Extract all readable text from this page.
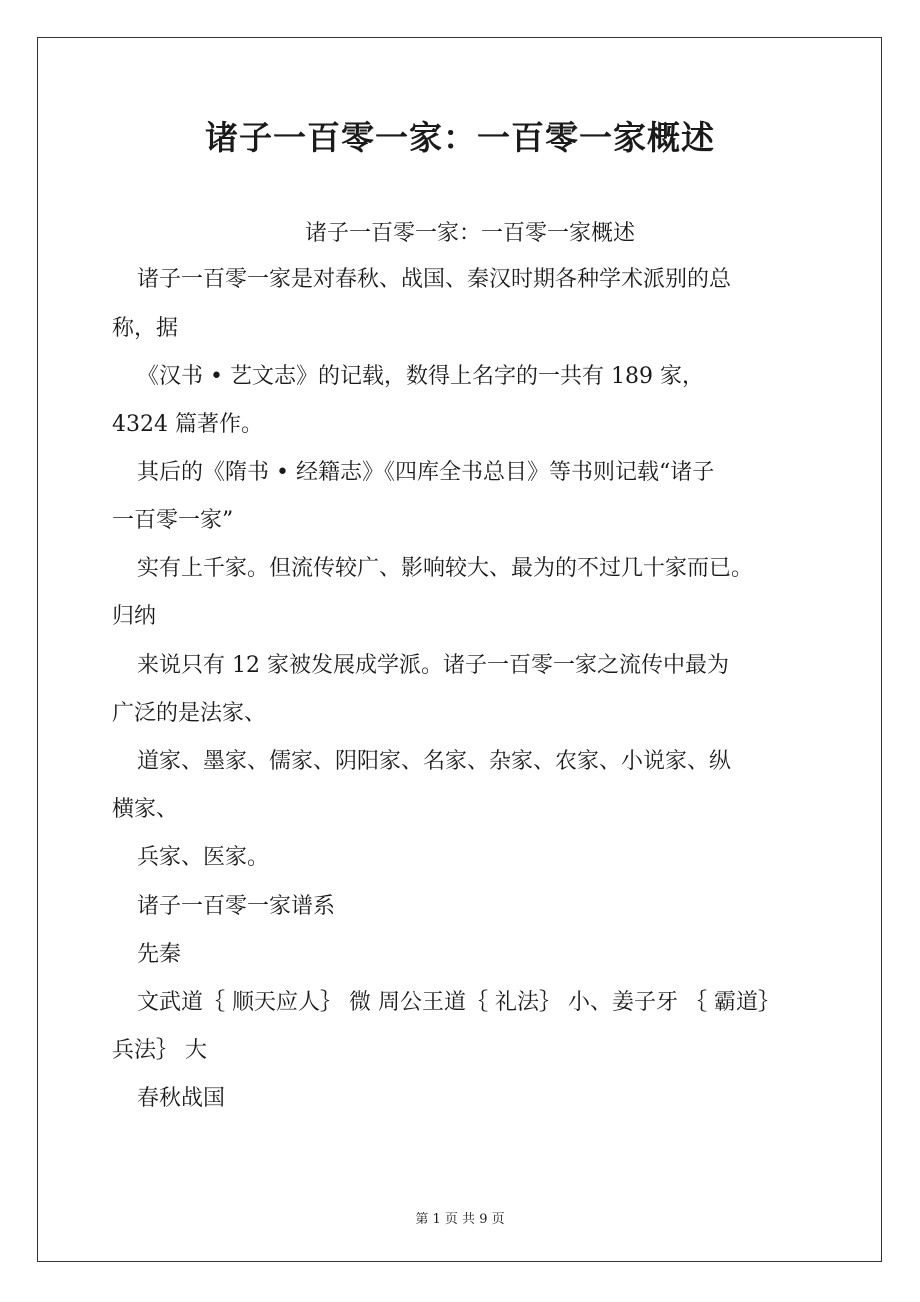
诸子一百零一家：一百零一家概述
诸子一百零一家：一百零一家概述
诸子一百零一家是对春秋、战国、秦汉时期各种学术派别的总
称，据
《汉书 • 艺文志》的记载，数得上名字的一共有 189 家，
4324 篇著作。
其后的《隋书 • 经籍志》《四库全书总目》等书则记载“诸子
一百零一家”
实有上千家。但流传较广、影响较大、最为的不过几十家而已。
归纳
来说只有 12 家被发展成学派。诸子一百零一家之流传中最为
广泛的是法家、
道家、墨家、儒家、阴阳家、名家、杂家、农家、小说家、纵
横家、
兵家、医家。
诸子一百零一家谱系
先秦
文武道｛ 顺天应人｝ 微 周公王道｛ 礼法｝ 小、姜子牙 ｛ 霸道｝
兵法｝ 大
春秋战国
第 1 页 共 9 页
